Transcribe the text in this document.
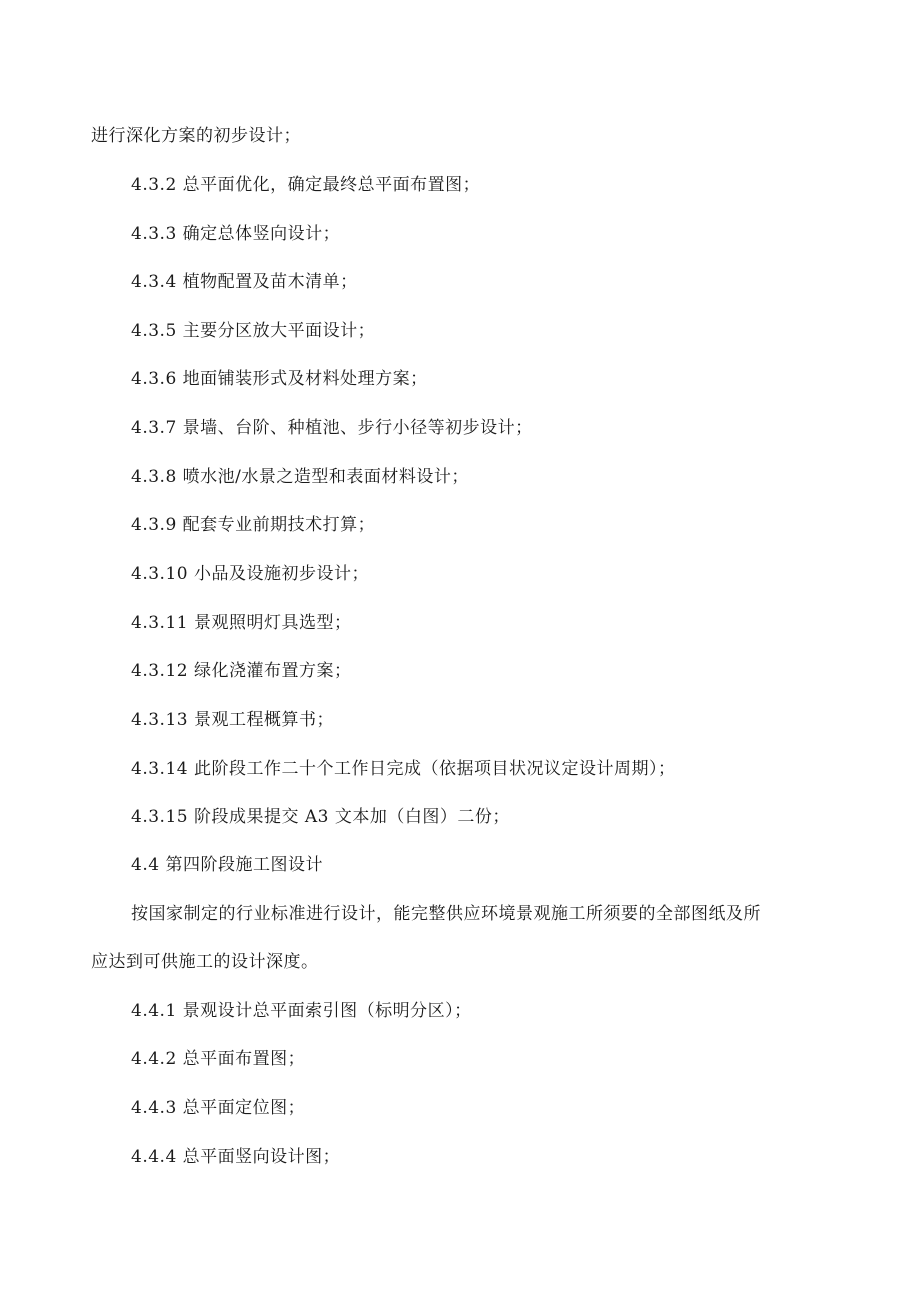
进行深化方案的初步设计；
4.3.2 总平面优化，确定最终总平面布置图；
4.3.3 确定总体竖向设计；
4.3.4 植物配置及苗木清单；
4.3.5 主要分区放大平面设计；
4.3.6 地面铺装形式及材料处理方案；
4.3.7 景墙、台阶、种植池、步行小径等初步设计；
4.3.8 喷水池/水景之造型和表面材料设计；
4.3.9 配套专业前期技术打算；
4.3.10 小品及设施初步设计；
4.3.11 景观照明灯具选型；
4.3.12 绿化浇灌布置方案；
4.3.13 景观工程概算书；
4.3.14 此阶段工作二十个工作日完成（依据项目状况议定设计周期）；
4.3.15 阶段成果提交 A3 文本加（白图）二份；
4.4 第四阶段施工图设计
按国家制定的行业标准进行设计，能完整供应环境景观施工所须要的全部图纸及所
应达到可供施工的设计深度。
4.4.1 景观设计总平面索引图（标明分区）；
4.4.2 总平面布置图；
4.4.3 总平面定位图；
4.4.4 总平面竖向设计图；
